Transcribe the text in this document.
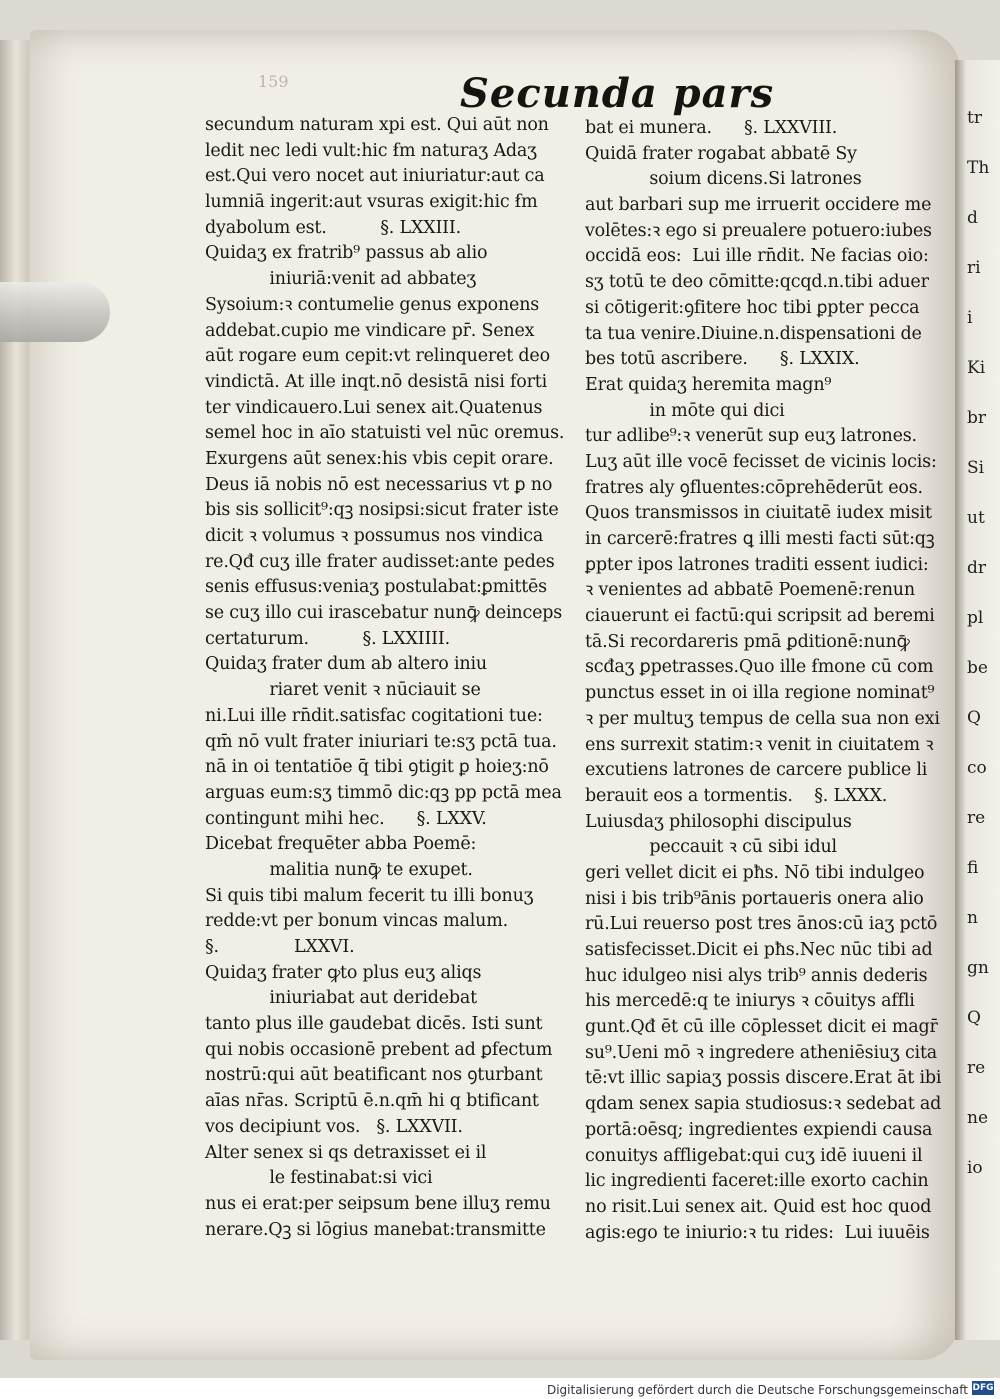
tr
Th
d
ri
i
Ki
br
Si
ut
dr
pl
be
Q
co
re
fi
n
gn
Q
re
ne
io
159	Secunda pars
secundum naturam xpi est. Qui aūt non
ledit nec ledi vult:hic ẜm naturaʒ Adaʒ
est.Qui vero nocet aut iniuriatur:aut ca
lumniā ingerit:aut vsuras exigit:hic ẜm
dyabolum est.          §. LXXIII.
Quidaʒ ex fratrib⁹ passus ab alio
iniuriā:venit ad abbateʒ
Sysoium:ꝛ contumelie genus exponens
addebat.cupio me vindicare pr̄. Senex
aūt rogare eum cepit:vt relinqueret deo
vindictā. At ille inqt.nō desistā nisi forti
ter vindicauero.Lui senex ait.Quatenus
semel hoc in aīo statuisti vel nūc oremus.
Exurgens aūt senex:his vbis cepit orare.
Deus iā nobis nō est necessarius vt ꝑ no
bis sis sollicit⁹:qꝫ nosipsi:sicut frater iste
dicit ꝛ volumus ꝛ possumus nos vindica
re.Qđ cuʒ ille frater audisset:ante pedes
senis effusus:veniaʒ postulabat:ꝑmittēs
se cuʒ illo cui irascebatur nunꝙ̄ deinceps
certaturum.          §. LXXIIII.
Quidaʒ frater dum ab altero iniu
riaret venit ꝛ nūciauit se
ni.Lui ille rn̄dit.satisfac cogitationi tue:
qm̄ nō vult frater iniuriari te:sʒ pctā tua.
nā in oi tentatiōe q̄ tibi ꝯtigit ꝑ hoieʒ:nō
arguas eum:sʒ timmō dic:qꝫ pp pctā mea
contingunt mihi hec.      §. LXXV.
Dicebat frequēter abba Poemē:
malitia nunꝙ̄ te exupet.
Si quis tibi malum fecerit tu illi bonuʒ
redde:vt per bonum vincas malum.
§.              LXXVI.
Quidaʒ frater ꝙto plus euʒ aliqs
iniuriabat aut deridebat
tanto plus ille gaudebat dicēs. Isti sunt
qui nobis occasionē prebent ad ꝑfectum
nostrū:qui aūt beatificant nos ꝯturbant
aīas nr̄as. Scriptū ē.n.qm̄ hi q btificant
vos decipiunt vos.   §. LXXVII.
Alter senex si qs detraxisset ei il
le festinabat:si vici
nus ei erat:per seipsum bene illuʒ remu
nerare.Qꝫ si lōgius manebat:transmitte
bat ei munera.      §. LXXVIII.
Quidā frater rogabat abbatē Sy
soium dicens.Si latrones
aut barbari sup me irruerit occidere me
volētes:ꝛ ego si preualere potuero:iubes
occidā eos:  Lui ille rn̄dit. Ne facias oio:
sʒ totū te deo cōmitte:qcqd.n.tibi aduer
si cōtigerit:ꝯfitere hoc tibi ꝑpter pecca
ta tua venire.Diuine.n.dispensationi de
bes totū ascribere.      §. LXXIX.
Erat quidaʒ heremita magn⁹
in mōte qui dici
tur adlibe⁹:ꝛ venerūt sup euʒ latrones.
Luʒ aūt ille vocē fecisset de vicinis locis:
fratres aly ꝯfluentes:cōprehēderūt eos.
Quos transmissos in ciuitatē iudex misit
in carcerē:fratres ꝗ illi mesti facti sūt:qꝫ
ꝑpter ipos latrones traditi essent iudici:
ꝛ venientes ad abbatē Poemenē:renun
ciauerunt ei factū:qui scripsit ad beremi
tā.Si recordareris pmā ꝑditionē:nunꝙ̄
scđaʒ ꝑpetrasses.Quo ille ẜmone cū com
punctus esset in oi illa regione nominat⁹
ꝛ per multuʒ tempus de cella sua non exi
ens surrexit statim:ꝛ venit in ciuitatem ꝛ
excutiens latrones de carcere publice li
berauit eos a tormentis.    §. LXXX.
Luiusdaʒ philosophi discipulus
peccauit ꝛ cū sibi idul
geri vellet dicit ei pħs. Nō tibi indulgeo
nisi i bis trib⁹ānis portaueris onera alio
rū.Lui reuerso post tres ānos:cū iaʒ pctō
satisfecisset.Dicit ei pħs.Nec nūc tibi ad
huc idulgeo nisi alys trib⁹ annis dederis
his mercedē:q te iniurys ꝛ cōuitys affli
gunt.Qđ ēt cū ille cōplesset dicit ei magr̄
su⁹.Ueni mō ꝛ ingredere atheniēsiuʒ cita
tē:vt illic sapiaʒ possis discere.Erat āt ibi
qdam senex sapia studiosus:ꝛ sedebat ad
portā:oēsq; ingredientes expiendi causa
conuitys affligebat:qui cuʒ idē iuueni il
lic ingredienti faceret:ille exorto cachin
no risit.Lui senex ait. Quid est hoc quod
agis:ego te iniurio:ꝛ tu rides:  Lui iuuēis
Digitalisierung gefördert durch die Deutsche Forschungsgemeinschaft DFG
